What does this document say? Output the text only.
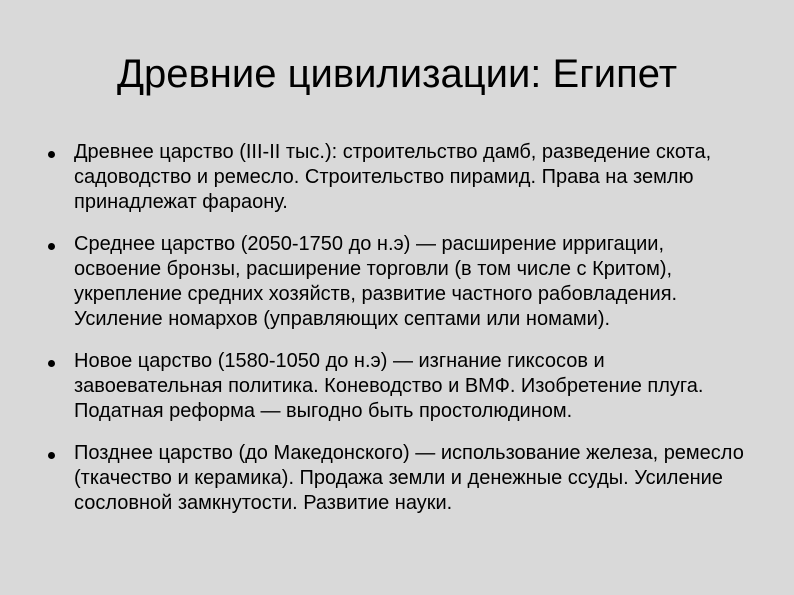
Древние цивилизации: Египет
Древнее царство (III-II тыс.): строительство дамб, разведение скота, садоводство и ремесло. Строительство пирамид. Права на землю принадлежат фараону.
Среднее царство (2050-1750 до н.э) — расширение ирригации, освоение бронзы, расширение торговли (в том числе с Критом), укрепление средних хозяйств, развитие частного рабовладения. Усиление номархов (управляющих септами или номами).
Новое царство (1580-1050 до н.э) — изгнание гиксосов и завоевательная политика. Коневодство и ВМФ. Изобретение плуга. Податная реформа — выгодно быть простолюдином.
Позднее царство (до Македонского) — использование железа, ремесло (ткачество и керамика). Продажа земли и денежные ссуды. Усиление сословной замкнутости. Развитие науки.
